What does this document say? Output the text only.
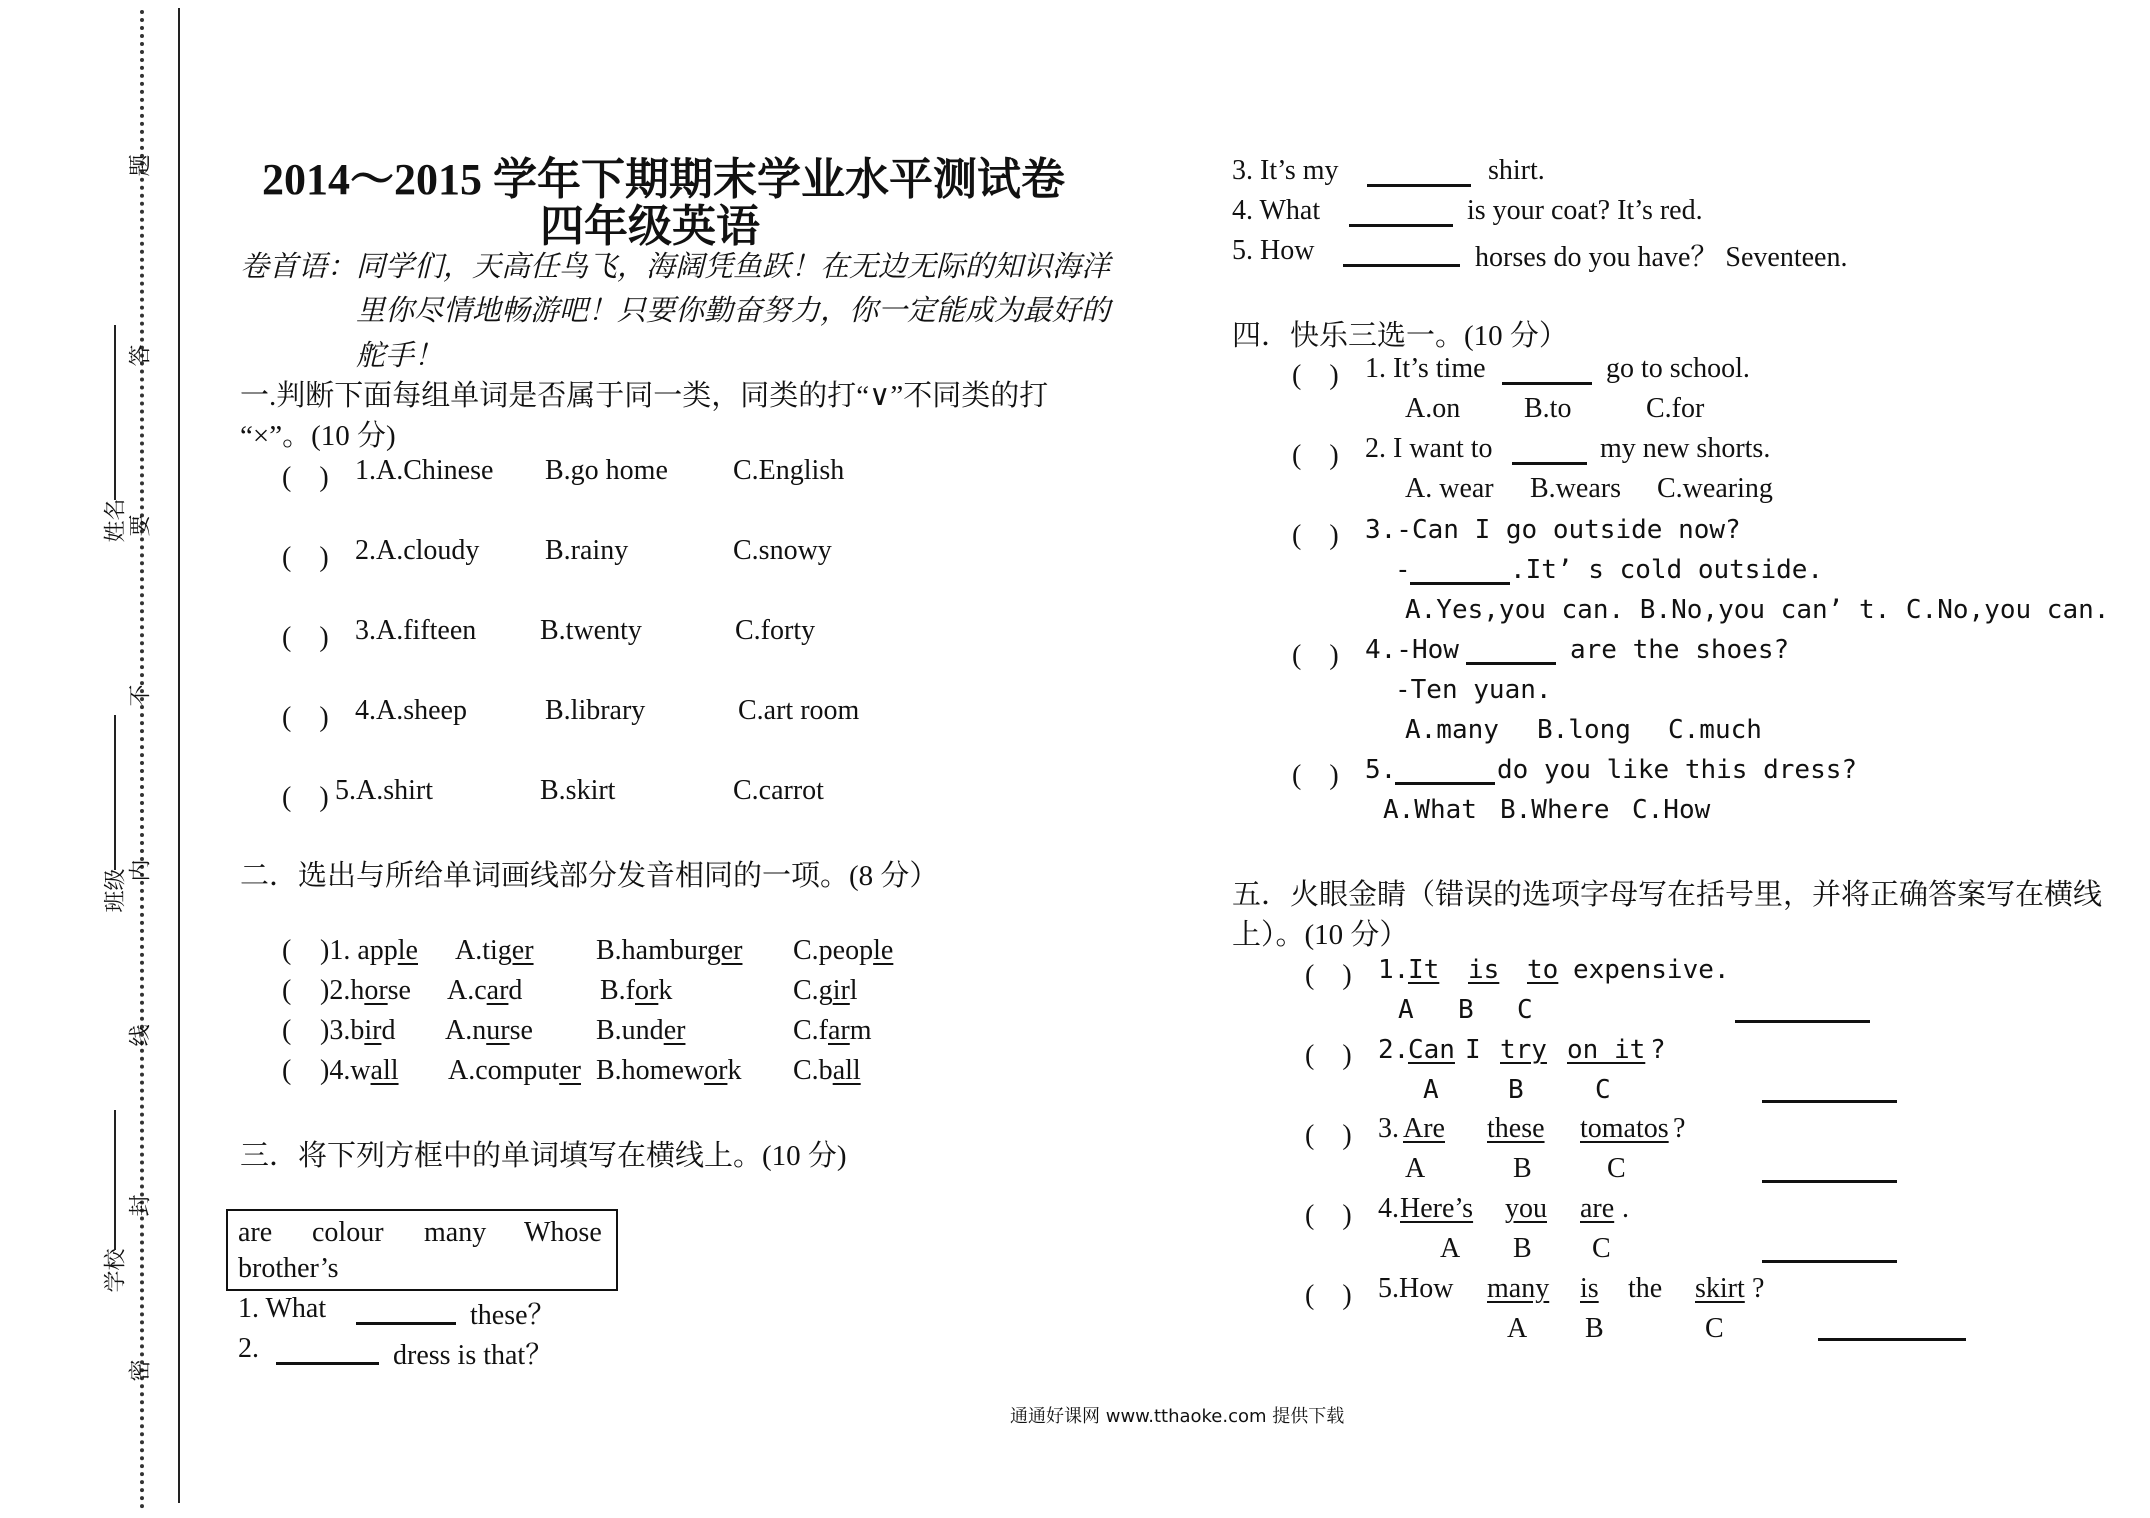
题
答
要
不
内
线
封
密
姓名
班级
学校
2014～2015 学年下期期末学业水平测试卷
四年级英语
卷首语：同学们，天高任鸟飞，海阔凭鱼跃！在无边无际的知识海洋
里你尽情地畅游吧！只要你勤奋努力，你一定能成为最好的
舵手！
一.判断下面每组单词是否属于同一类，同类的打“∨”不同类的打
“×”。(10 分)
(　) 1.A.Chinese B.go home C.English
(　) 2.A.cloudy B.rainy	C.snowy
(　) 3.A.fifteen B.twenty	C.forty
(　) 4.A.sheep	B.library	C.art room
(　) 5.A.shirt	B.skirt	C.carrot
二．选出与所给单词画线部分发音相同的一项。(8 分）
( )1. apple A.tiger B.hamburger C.people
( )2.horse A.card	B.fork	C.girl
( )3.bird A.nurse B.under	C.farm
( )4.wall A.computer B.homework C.ball
三．将下列方框中的单词填写在横线上。(10 分)
are colour many Whose
brother’s
1. What	these？
2.	dress is that？
3. It’s my	shirt.
4. What	is your coat? It’s red.
5. How	horses do you have？ Seventeen.
四．快乐三选一。(10 分）
(　) 1. It’s time	go to school.
A.on B.to	C.for
(　) 2. I want to	my new shorts.
A. wear B.wears C.wearing
(　) 3.-Can I go outside now?
-	.It’ s cold outside.
A.Yes,you can. B.No,you can’ t. C.No,you can.
(　) 4.-How	are the shoes?
-Ten yuan.
A.many B.long C.much
(　) 5.	do you like this dress?
A.What B.Where C.How
五．火眼金睛（错误的选项字母写在括号里，并将正确答案写在横线
上）。(10 分）
(　) 1.
It is to expensive.
A B C
(　) 2.
Can I try on it ?
A	B	C
(　) 3. Are these tomatos ?
A	B	C
(　) 4. Here’s you are .
A B C
(　) 5.How many is the skirt ?
A B	C
通通好课网 www.tthaoke.com 提供下载
